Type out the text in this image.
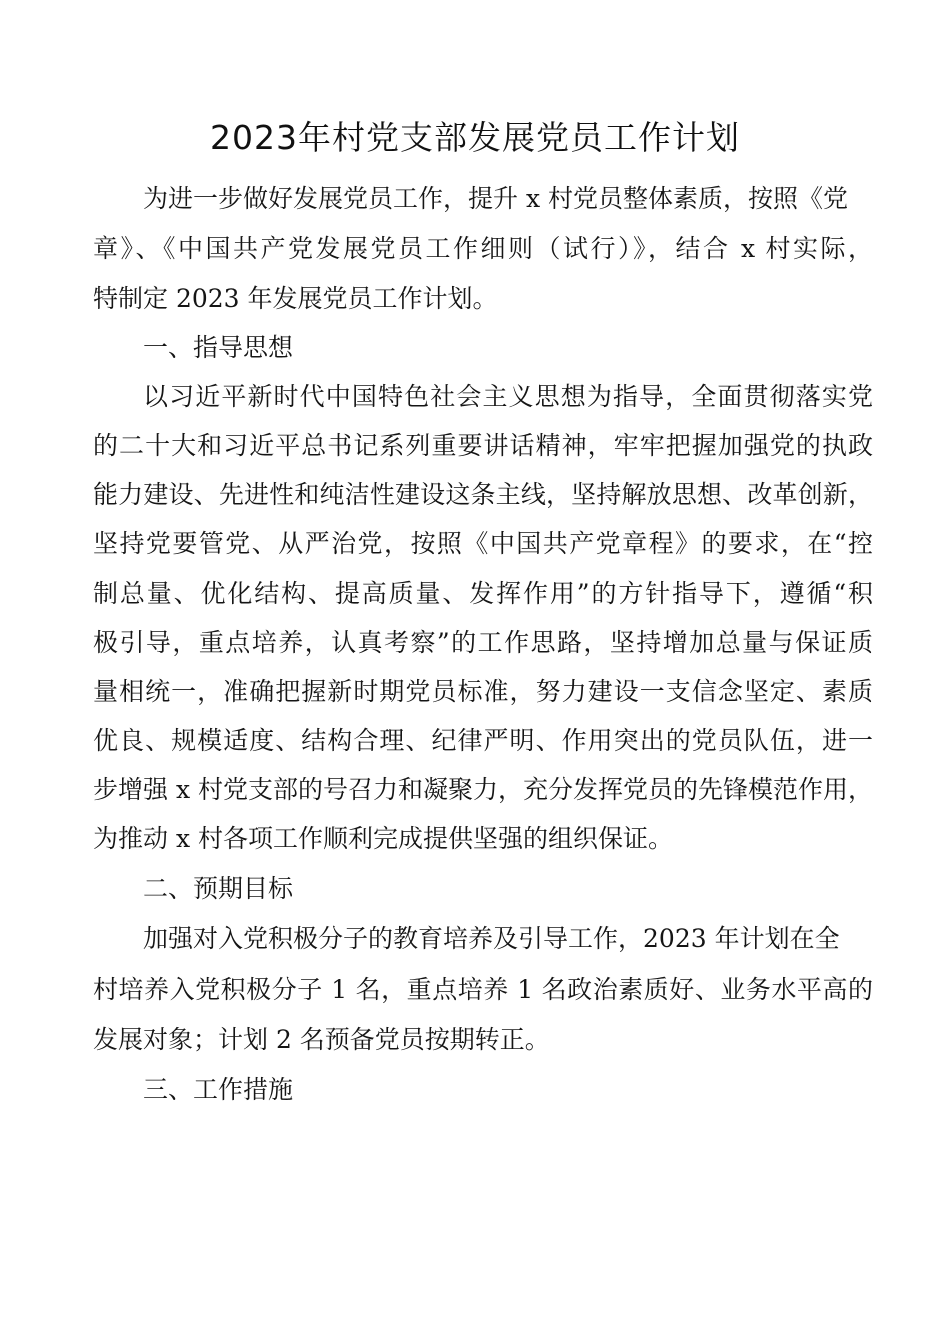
2023年村党支部发展党员工作计划

为进一步做好发展党员工作，提升 x 村党员整体素质，按照《党

章》、《中国共产党发展党员工作细则（试行）》，结合 x 村实际，

特制定 2023 年发展党员工作计划。

一、指导思想

以习近平新时代中国特色社会主义思想为指导，全面贯彻落实党

的二十大和习近平总书记系列重要讲话精神，牢牢把握加强党的执政

能力建设、先进性和纯洁性建设这条主线，坚持解放思想、改革创新，

坚持党要管党、从严治党，按照《中国共产党章程》的要求，在“控

制总量、优化结构、提高质量、发挥作用”的方针指导下，遵循“积

极引导，重点培养，认真考察”的工作思路，坚持增加总量与保证质

量相统一，准确把握新时期党员标准，努力建设一支信念坚定、素质

优良、规模适度、结构合理、纪律严明、作用突出的党员队伍，进一

步增强 x 村党支部的号召力和凝聚力，充分发挥党员的先锋模范作用，

为推动 x 村各项工作顺利完成提供坚强的组织保证。

二、预期目标

加强对入党积极分子的教育培养及引导工作，2023 年计划在全

村培养入党积极分子 1 名，重点培养 1 名政治素质好、业务水平高的

发展对象；计划 2 名预备党员按期转正。

三、工作措施
